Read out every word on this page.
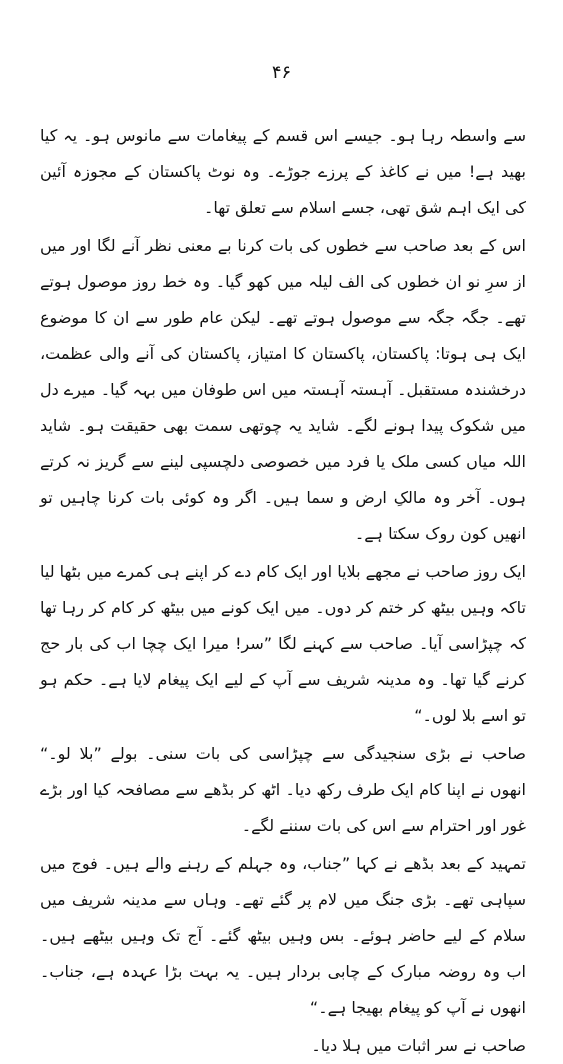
۴۶

سے واسطہ رہا ہو۔ جیسے اس قسم کے پیغامات سے مانوس ہو۔ یہ کیا بھید ہے! میں نے کاغذ کے پرزے جوڑے۔ وہ نوٹ پاکستان کے مجوزہ آئین کی ایک اہم شق تھی، جسے اسلام سے تعلق تھا۔

اس کے بعد صاحب سے خطوں کی بات کرنا بے معنی نظر آنے لگا اور میں از سرِ نو ان خطوں کی الف لیلہ میں کھو گیا۔ وہ خط روز موصول ہوتے تھے۔ جگہ جگہ سے موصول ہوتے تھے۔ لیکن عام طور سے ان کا موضوع ایک ہی ہوتا: پاکستان، پاکستان کا امتیاز، پاکستان کی آنے والی عظمت، درخشندہ مستقبل۔ آہستہ آہستہ میں اس طوفان میں بہہ گیا۔ میرے دل میں شکوک پیدا ہونے لگے۔ شاید یہ چوتھی سمت بھی حقیقت ہو۔ شاید اللہ میاں کسی ملک یا فرد میں خصوصی دلچسپی لینے سے گریز نہ کرتے ہوں۔ آخر وہ مالکِ ارض و سما ہیں۔ اگر وہ کوئی بات کرنا چاہیں تو انھیں کون روک سکتا ہے۔

ایک روز صاحب نے مجھے بلایا اور ایک کام دے کر اپنے ہی کمرے میں بٹھا لیا تاکہ وہیں بیٹھ کر ختم کر دوں۔ میں ایک کونے میں بیٹھ کر کام کر رہا تھا کہ چپڑاسی آیا۔ صاحب سے کہنے لگا ”سر! میرا ایک چچا اب کی بار حج کرنے گیا تھا۔ وہ مدینہ شریف سے آپ کے لیے ایک پیغام لایا ہے۔ حکم ہو تو اسے بلا لوں۔“

صاحب نے بڑی سنجیدگی سے چپڑاسی کی بات سنی۔ بولے ”بلا لو۔“ انھوں نے اپنا کام ایک طرف رکھ دیا۔ اٹھ کر بڈھے سے مصافحہ کیا اور بڑے غور اور احترام سے اس کی بات سننے لگے۔

تمہید کے بعد بڈھے نے کہا ”جناب، وہ جہلم کے رہنے والے ہیں۔ فوج میں سپاہی تھے۔ بڑی جنگ میں لام پر گئے تھے۔ وہاں سے مدینہ شریف میں سلام کے لیے حاضر ہوئے۔ بس وہیں بیٹھ گئے۔ آج تک وہیں بیٹھے ہیں۔ اب وہ روضہ مبارک کے چابی بردار ہیں۔ یہ بہت بڑا عہدہ ہے، جناب۔ انھوں نے آپ کو پیغام بھیجا ہے۔“

صاحب نے سر اثبات میں ہلا دیا۔
